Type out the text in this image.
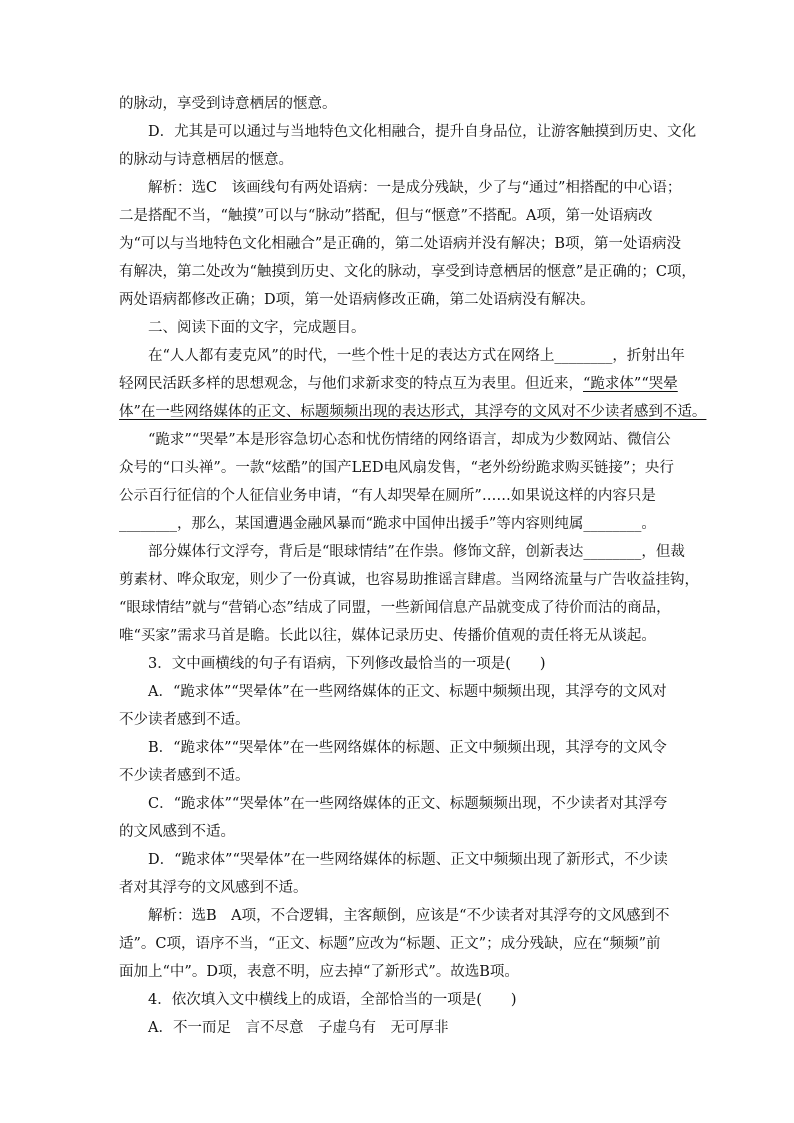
的脉动，享受到诗意栖居的惬意。

D．尤其是可以通过与当地特色文化相融合，提升自身品位，让游客触摸到历史、文化

的脉动与诗意栖居的惬意。

解析：选C　该画线句有两处语病：一是成分残缺，少了与“通过”相搭配的中心语；

二是搭配不当，“触摸”可以与“脉动”搭配，但与“惬意”不搭配。A项，第一处语病改

为“可以与当地特色文化相融合”是正确的，第二处语病并没有解决；B项，第一处语病没

有解决，第二处改为“触摸到历史、文化的脉动，享受到诗意栖居的惬意”是正确的；C项，

两处语病都修改正确；D项，第一处语病修改正确，第二处语病没有解决。

二、阅读下面的文字，完成题目。

在“人人都有麦克风”的时代，一些个性十足的表达方式在网络上________，折射出年

轻网民活跃多样的思想观念，与他们求新求变的特点互为表里。但近来，“跪求体”“哭晕

体”在一些网络媒体的正文、标题频频出现的表达形式，其浮夸的文风对不少读者感到不适。

“跪求”“哭晕”本是形容急切心态和忧伤情绪的网络语言，却成为少数网站、微信公

众号的“口头禅”。一款“炫酷”的国产LED电风扇发售，“老外纷纷跪求购买链接”；央行

公示百行征信的个人征信业务申请，“有人却哭晕在厕所”……如果说这样的内容只是

________，那么，某国遭遇金融风暴而“跪求中国伸出援手”等内容则纯属________。

部分媒体行文浮夸，背后是“眼球情结”在作祟。修饰文辞，创新表达________，但裁

剪素材、哗众取宠，则少了一份真诚，也容易助推谣言肆虐。当网络流量与广告收益挂钩，

“眼球情结”就与“营销心态”结成了同盟，一些新闻信息产品就变成了待价而沽的商品，

唯“买家”需求马首是瞻。长此以往，媒体记录历史、传播价值观的责任将无从谈起。

3．文中画横线的句子有语病，下列修改最恰当的一项是(　　)

A．“跪求体”“哭晕体”在一些网络媒体的正文、标题中频频出现，其浮夸的文风对

不少读者感到不适。

B．“跪求体”“哭晕体”在一些网络媒体的标题、正文中频频出现，其浮夸的文风令

不少读者感到不适。

C．“跪求体”“哭晕体”在一些网络媒体的正文、标题频频出现，不少读者对其浮夸

的文风感到不适。

D．“跪求体”“哭晕体”在一些网络媒体的标题、正文中频频出现了新形式，不少读

者对其浮夸的文风感到不适。

解析：选B　A项，不合逻辑，主客颠倒，应该是“不少读者对其浮夸的文风感到不

适”。C项，语序不当，“正文、标题”应改为“标题、正文”；成分残缺，应在“频频”前

面加上“中”。D项，表意不明，应去掉“了新形式”。故选B项。

4．依次填入文中横线上的成语，全部恰当的一项是(　　)

A．不一而足　言不尽意　子虚乌有　无可厚非
